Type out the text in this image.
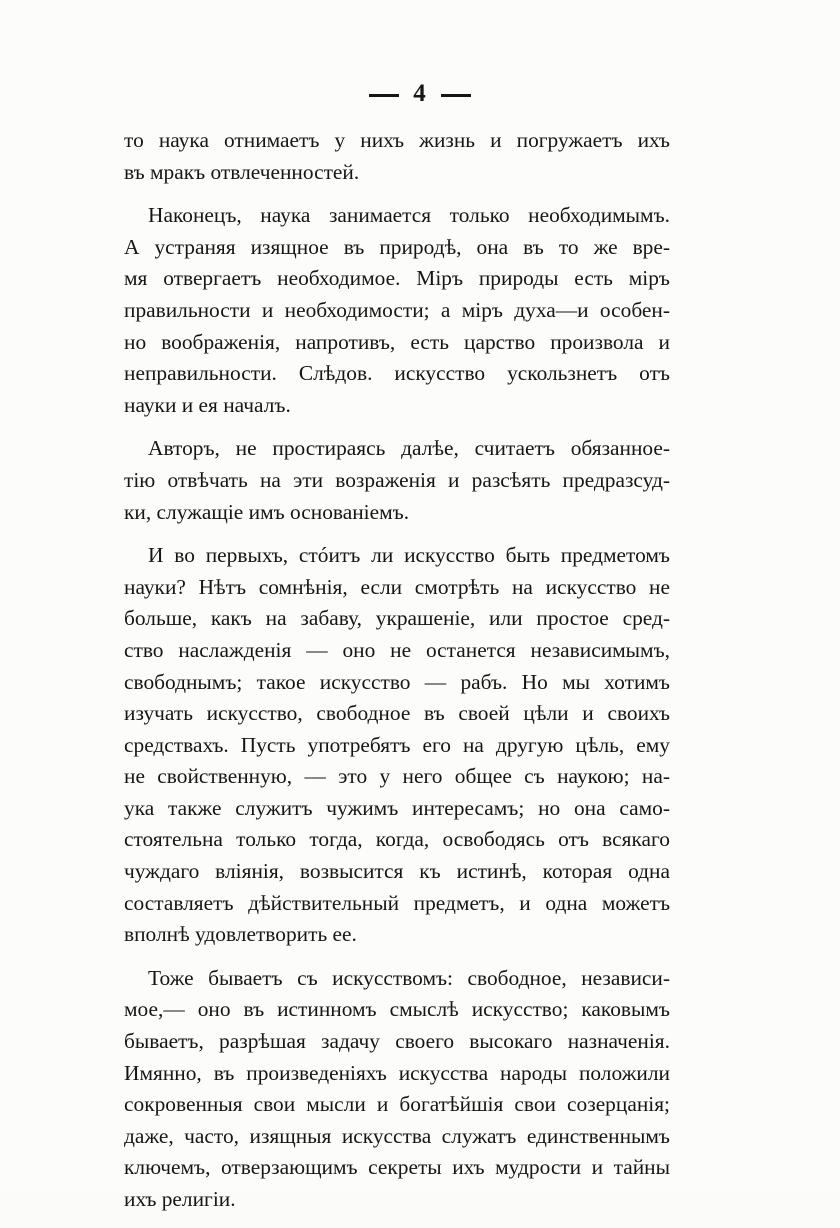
4
то наука отнимаетъ у нихъ жизнь и погружаетъ ихъ
въ мракъ отвлеченностей.
Наконецъ, наука занимается только необходимымъ.
А устраняя изящное въ природѣ, она въ то же вре-
мя отвергаетъ необходимое. Міръ природы есть міръ
правильности и необходимости; а міръ духа—и особен-
но воображенія, напротивъ, есть царство произвола и
неправильности. Слѣдов. искусство ускользнетъ отъ
науки и ея началъ.
Авторъ, не простираясь далѣе, считаетъ обязанное-
тію отвѣчать на эти возраженія и разсѣять предразсуд-
ки, служащіе имъ основаніемъ.
И во первыхъ, стóитъ ли искусство быть предметомъ
науки? Нѣтъ сомнѣнія, если смотрѣть на искусство не
больше, какъ на забаву, украшеніе, или простое сред-
ство наслажденія — оно не останется независимымъ,
свободнымъ; такое искусство — рабъ. Но мы хотимъ
изучать искусство, свободное въ своей цѣли и своихъ
средствахъ. Пусть употребятъ его на другую цѣль, ему
не свойственную, — это у него общее съ наукою; на-
ука также служитъ чужимъ интересамъ; но она само-
стоятельна только тогда, когда, освободясь отъ всякаго
чуждаго вліянія, возвысится къ истинѣ, которая одна
составляетъ дѣйствительный предметъ, и одна можетъ
вполнѣ удовлетворить ее.
Тоже бываетъ съ искусствомъ: свободное, независи-
мое,— оно въ истинномъ смыслѣ искусство; каковымъ
бываетъ, разрѣшая задачу своего высокаго назначенія.
Имянно, въ произведеніяхъ искусства народы положили
сокровенныя свои мысли и богатѣйшія свои созерцанія;
даже, часто, изящныя искусства служатъ единственнымъ
ключемъ, отверзающимъ секреты ихъ мудрости и тайны
ихъ религіи.
